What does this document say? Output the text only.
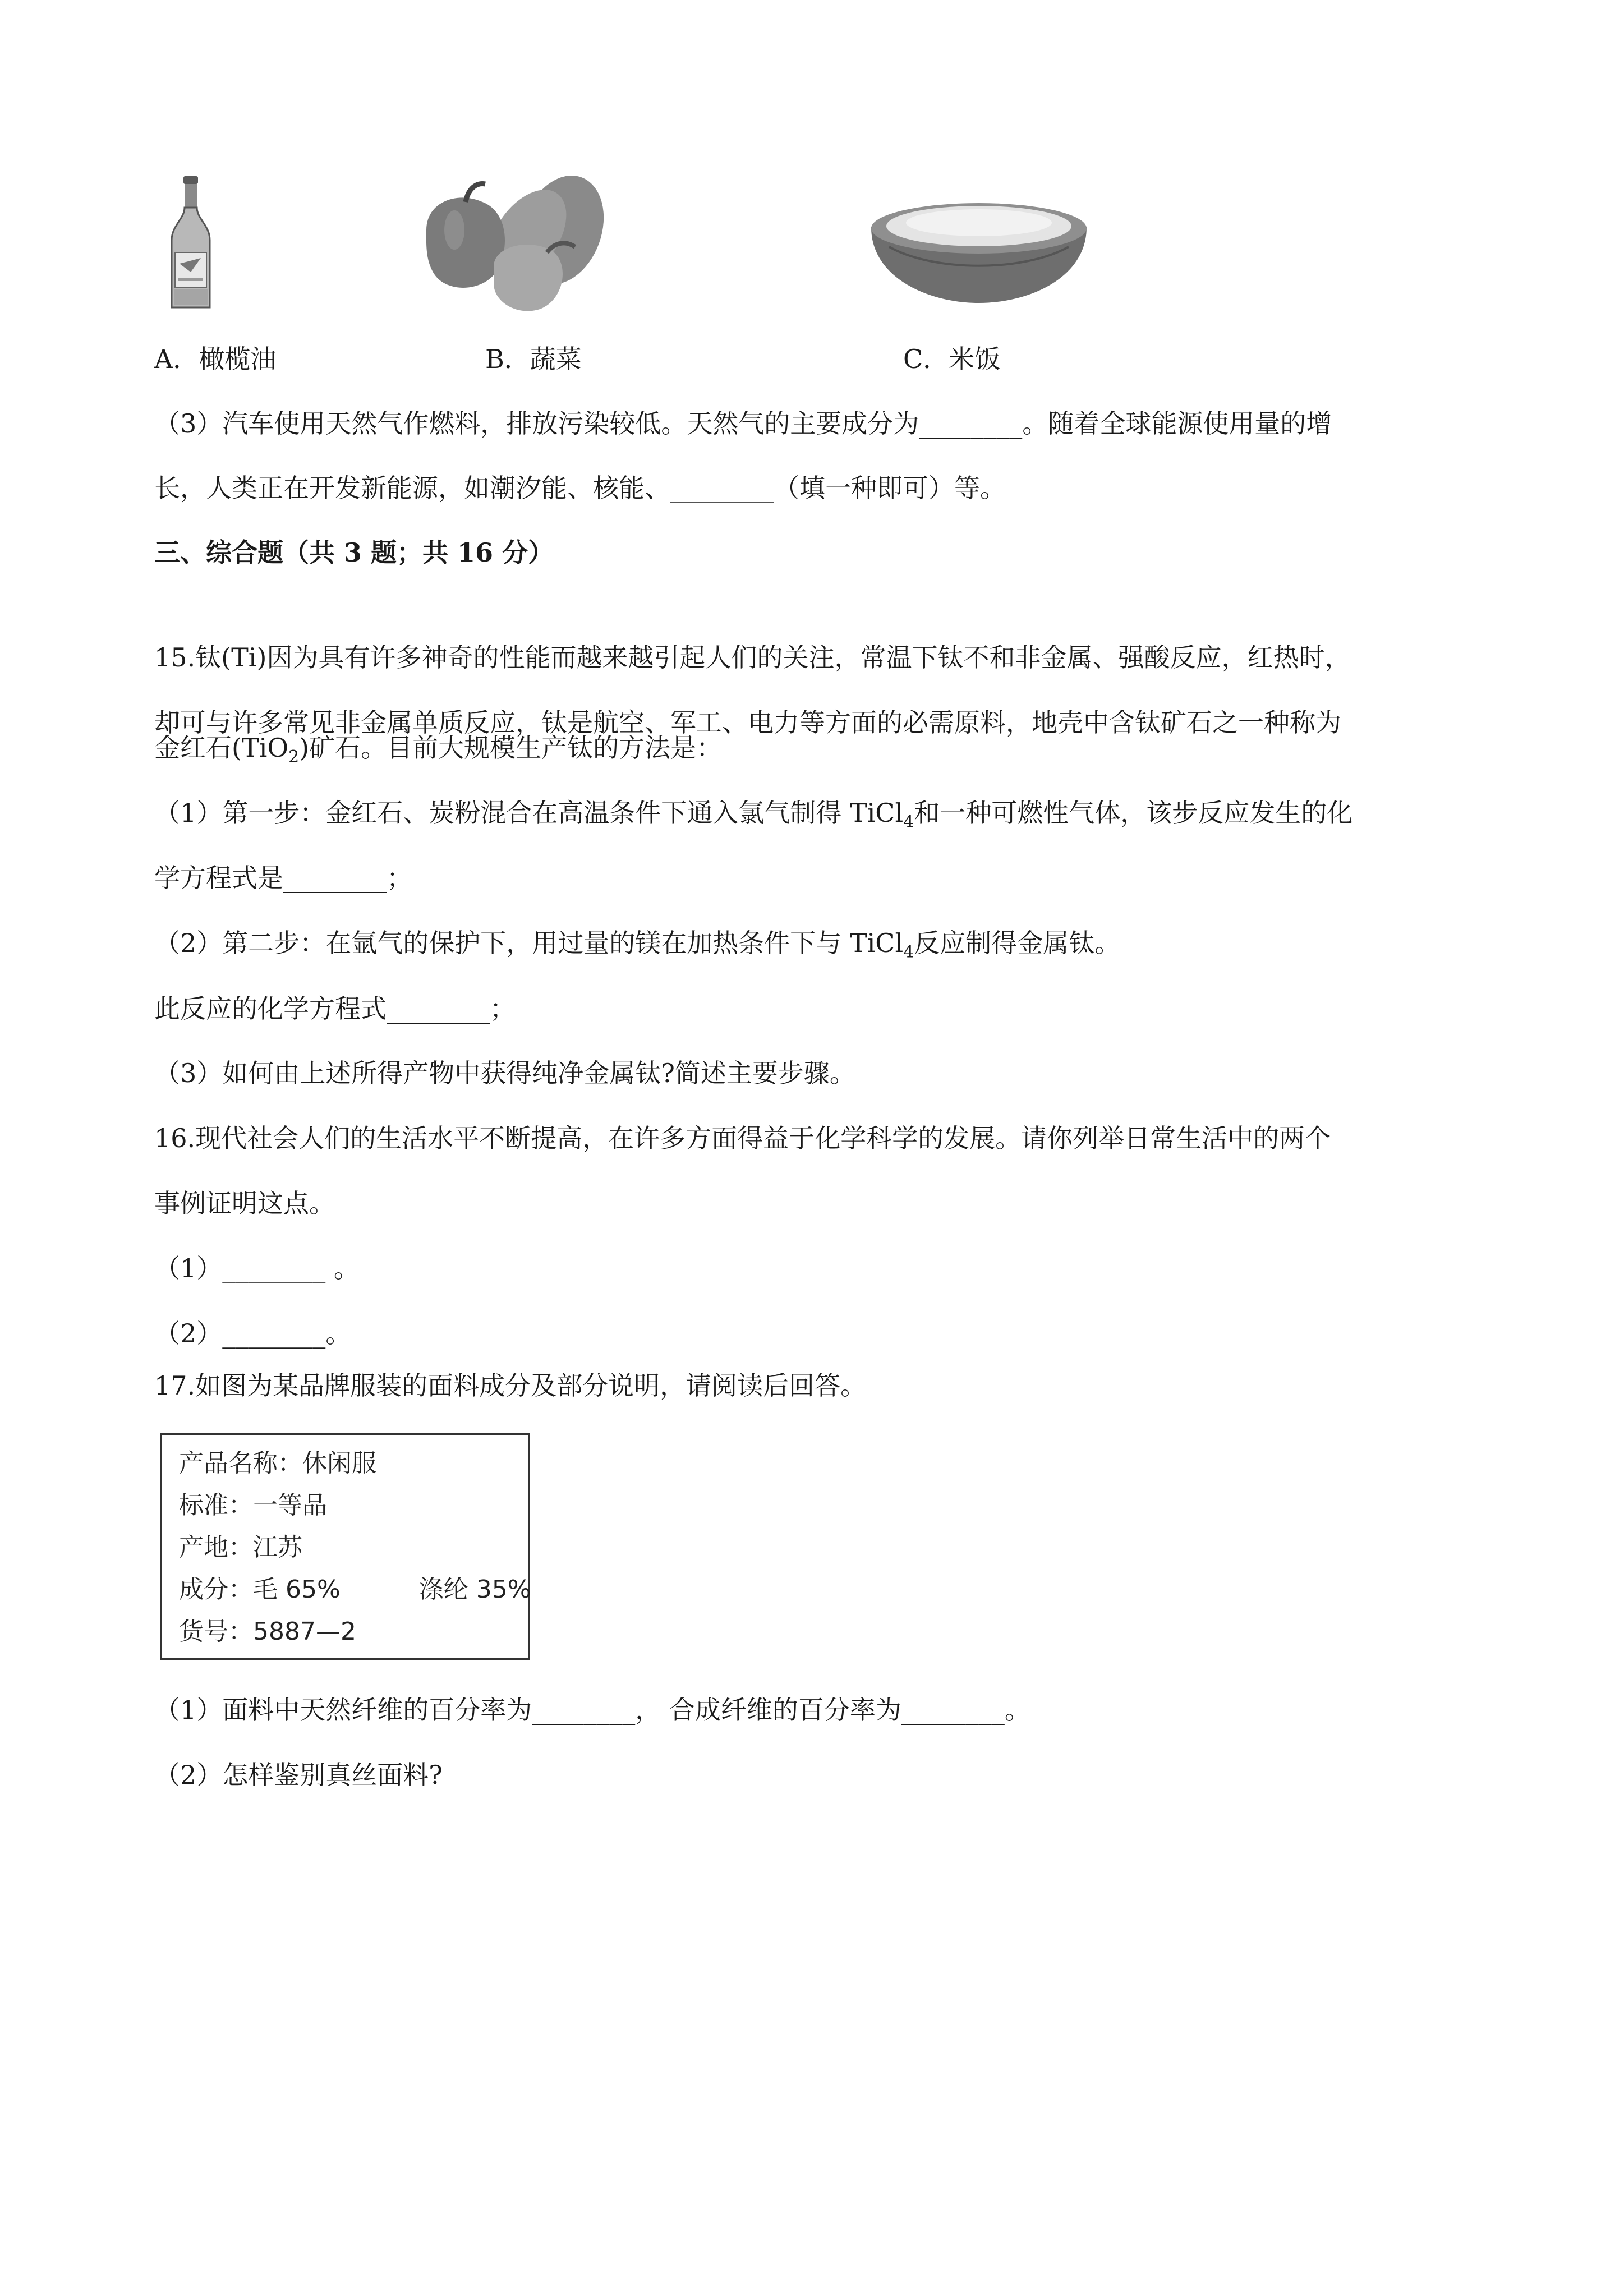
A．橄榄油	B．蔬菜	C．米饭
（3）汽车使用天然气作燃料，排放污染较低。天然气的主要成分为________。随着全球能源使用量的增
长，人类正在开发新能源，如潮汐能、核能、________（填一种即可）等。
三、综合题（共 3 题；共 16 分）
15.钛(Ti)因为具有许多神奇的性能而越来越引起人们的关注，常温下钛不和非金属、强酸反应，红热时，
却可与许多常见非金属单质反应，钛是航空、军工、电力等方面的必需原料，地壳中含钛矿石之一种称为
金红石(TiO$_2$)矿石。目前大规模生产钛的方法是：
（1）第一步：金红石、炭粉混合在高温条件下通入氯气制得 TiCl$_4$和一种可燃性气体，该步反应发生的化
学方程式是________；
（2）第二步：在氩气的保护下，用过量的镁在加热条件下与 TiCl$_4$反应制得金属钛。
此反应的化学方程式________；
（3）如何由上述所得产物中获得纯净金属钛?简述主要步骤。
16.现代社会人们的生活水平不断提高，在许多方面得益于化学科学的发展。请你列举日常生活中的两个
事例证明这点。
（1）________ 。
（2）________。
17.如图为某品牌服装的面料成分及部分说明，请阅读后回答。
产品名称：休闲服
标准：一等品
产地：江苏
成分：毛 65%	涤纶 35%
货号：5887—2
（1）面料中天然纤维的百分率为________， 合成纤维的百分率为________。
（2）怎样鉴别真丝面料?
